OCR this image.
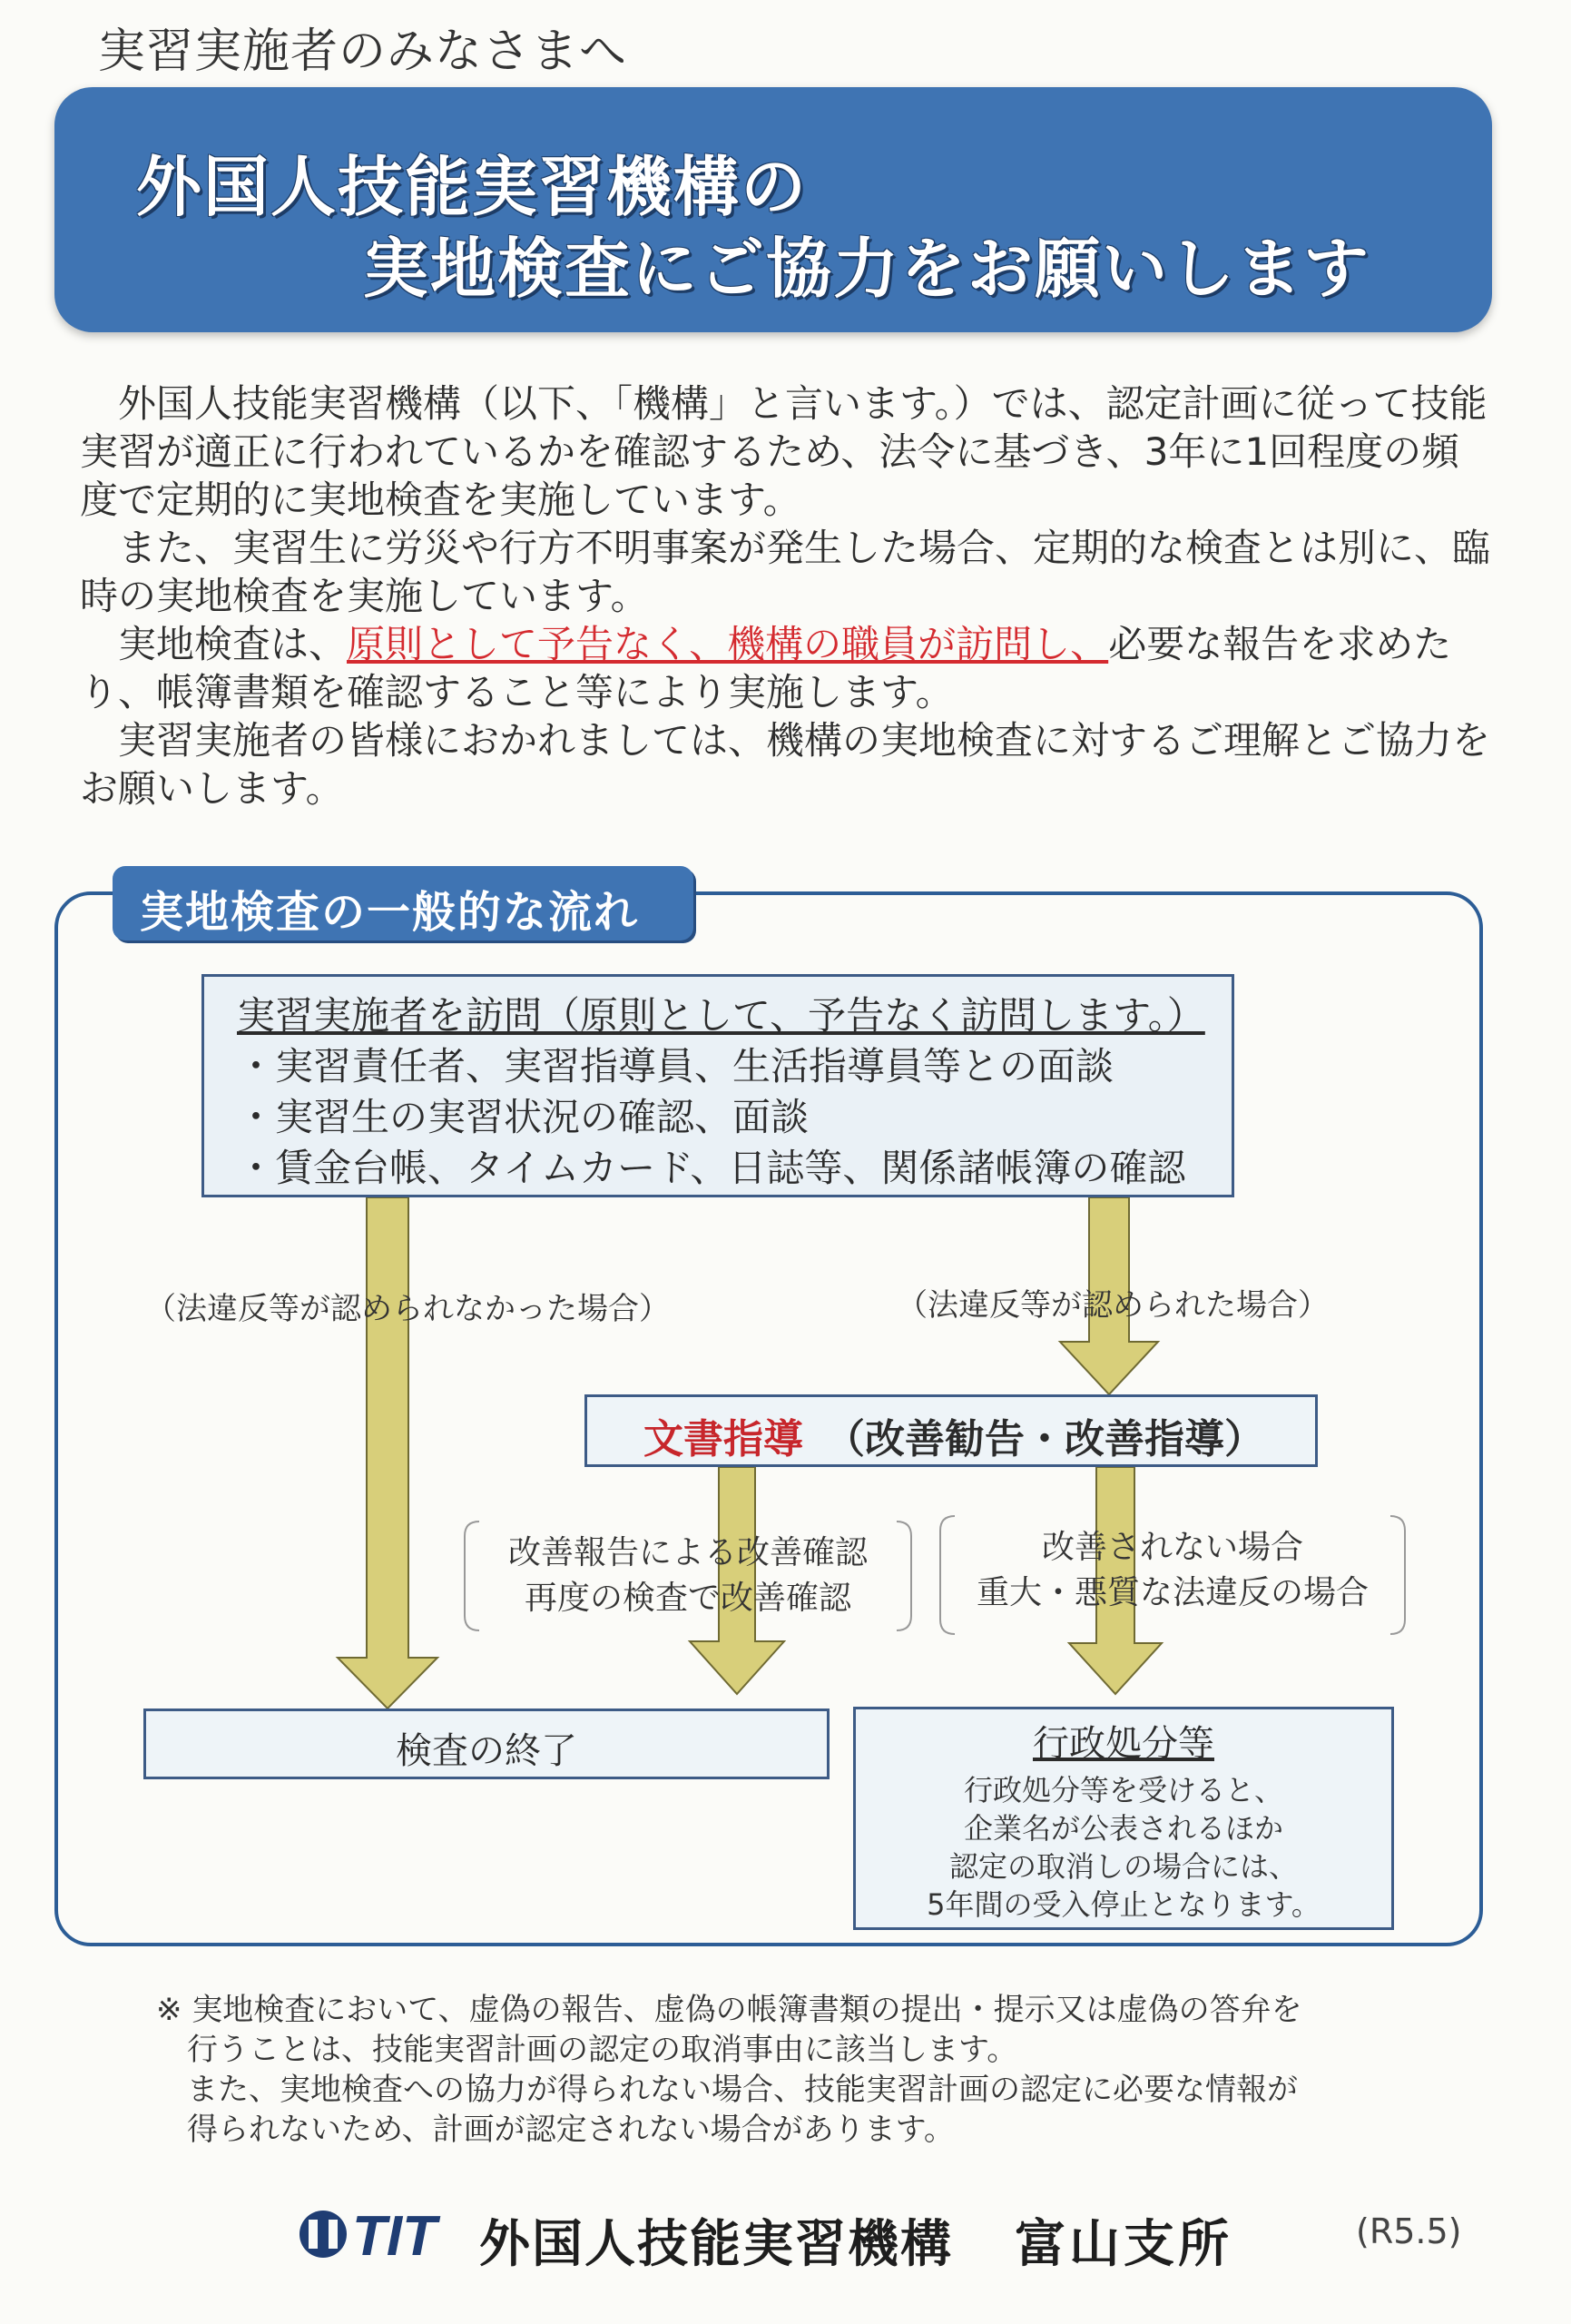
実習実施者のみなさまへ
外国人技能実習機構の
実地検査にご協力をお願いします

外国人技能実習機構（以下、「機構」と言います。）では、認定計画に従って技能実習が適正に行われているかを確認するため、法令に基づき、3年に1回程度の頻度で定期的に実地検査を実施しています。

また、実習生に労災や行方不明事案が発生した場合、定期的な検査とは別に、臨時の実地検査を実施しています。

実地検査は、原則として予告なく、機構の職員が訪問し、必要な報告を求めたり、帳簿書類を確認すること等により実施します。

実習実施者の皆様におかれましては、機構の実地検査に対するご理解とご協力をお願いします。

実地検査の一般的な流れ
実習実施者を訪問（原則として、予告なく訪問します。）
・実習責任者、実習指導員、生活指導員等との面談
・実習生の実習状況の確認、面談
・賃金台帳、タイムカード、日誌等、関係諸帳簿の確認
（法違反等が認められなかった場合）	（法違反等が認められた場合）
文書指導 （改善勧告・改善指導）
改善報告による改善確認
再度の検査で改善確認
改善されない場合
重大・悪質な法違反の場合
検査の終了	行政処分等
行政処分等を受けると、
企業名が公表されるほか
認定の取消しの場合には、
5年間の受入停止となります。

※ 実地検査において、虚偽の報告、虚偽の帳簿書類の提出・提示又は虚偽の答弁を

行うことは、技能実習計画の認定の取消事由に該当します。

また、実地検査への協力が得られない場合、技能実習計画の認定に必要な情報が

得られないため、計画が認定されない場合があります。

TIT 外国人技能実習機構 富山支所	(R5.5)
